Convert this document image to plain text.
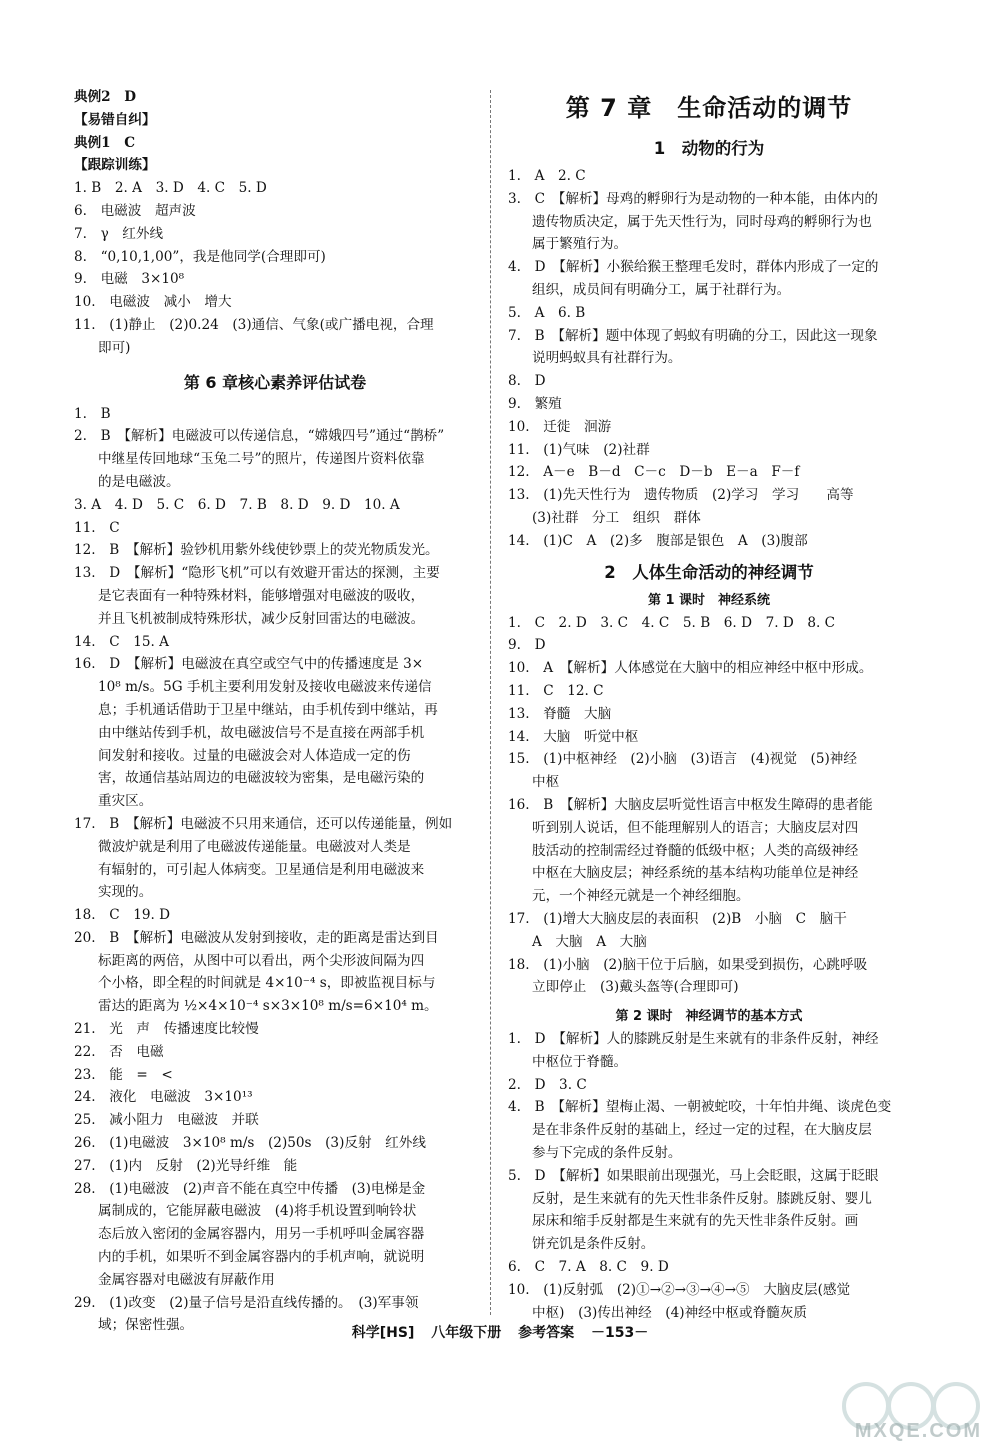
典例2　D
【易错自纠】
典例1　C
【跟踪训练】
1. B　2. A　3. D　4. C　5. D
6.　电磁波　超声波
7.　γ　红外线
8.　“0,10,1,00”，我是他同学(合理即可)
9.　电磁　3×10⁸
10.　电磁波　减小　增大
11.　(1)静止　(2)0.24　(3)通信、气象(或广播电视，合理
即可)
第 6 章核心素养评估试卷
1.　B
2.　B　【解析】电磁波可以传递信息，“嫦娥四号”通过“鹊桥”
中继星传回地球“玉兔二号”的照片，传递图片资料依靠
的是电磁波。
3. A　4. D　5. C　6. D　7. B　8. D　9. D　10. A
11.　C
12.　B　【解析】验钞机用紫外线使钞票上的荧光物质发光。
13.　D　【解析】“隐形飞机”可以有效避开雷达的探测，主要
是它表面有一种特殊材料，能够增强对电磁波的吸收，
并且飞机被制成特殊形状，减少反射回雷达的电磁波。
14.　C　15. A
16.　D　【解析】电磁波在真空或空气中的传播速度是 3×
10⁸ m/s。5G 手机主要利用发射及接收电磁波来传递信
息；手机通话借助于卫星中继站，由手机传到中继站，再
由中继站传到手机，故电磁波信号不是直接在两部手机
间发射和接收。过量的电磁波会对人体造成一定的伤
害，故通信基站周边的电磁波较为密集，是电磁污染的
重灾区。
17.　B　【解析】电磁波不只用来通信，还可以传递能量，例如
微波炉就是利用了电磁波传递能量。电磁波对人类是
有辐射的，可引起人体病变。卫星通信是利用电磁波来
实现的。
18.　C　19. D
20.　B　【解析】电磁波从发射到接收，走的距离是雷达到目
标距离的两倍，从图中可以看出，两个尖形波间隔为四
个小格，即全程的时间就是 4×10⁻⁴ s，即被监视目标与
雷达的距离为 ½×4×10⁻⁴ s×3×10⁸ m/s=6×10⁴ m。
21.　光　声　传播速度比较慢
22.　否　电磁
23.　能　=　<
24.　液化　电磁波　3×10¹³
25.　减小阻力　电磁波　并联
26.　(1)电磁波　3×10⁸ m/s　(2)50s　(3)反射　红外线
27.　(1)内　反射　(2)光导纤维　能
28.　(1)电磁波　(2)声音不能在真空中传播　(3)电梯是金
属制成的，它能屏蔽电磁波　(4)将手机设置到响铃状
态后放入密闭的金属容器内，用另一手机呼叫金属容器
内的手机，如果听不到金属容器内的手机声响，就说明
金属容器对电磁波有屏蔽作用
29.　(1)改变　(2)量子信号是沿直线传播的。　(3)军事领
域；保密性强。
第 7 章　生命活动的调节
1　动物的行为
1.　A　2. C
3.　C　【解析】母鸡的孵卵行为是动物的一种本能，由体内的
遗传物质决定，属于先天性行为，同时母鸡的孵卵行为也
属于繁殖行为。
4.　D　【解析】小猴给猴王整理毛发时，群体内形成了一定的
组织，成员间有明确分工，属于社群行为。
5.　A　6. B
7.　B　【解析】题中体现了蚂蚁有明确的分工，因此这一现象
说明蚂蚁具有社群行为。
8.　D
9.　繁殖
10.　迁徙　洄游
11.　(1)气味　(2)社群
12.　A－e　B－d　C－c　D－b　E－a　F－f
13.　(1)先天性行为　遗传物质　(2)学习　学习　　高等
(3)社群　分工　组织　群体
14.　(1)C　A　(2)多　腹部是银色　A　(3)腹部
2　人体生命活动的神经调节
第 1 课时　神经系统
1.　C　2. D　3. C　4. C　5. B　6. D　7. D　8. C
9.　D
10.　A　【解析】人体感觉在大脑中的相应神经中枢中形成。
11.　C　12. C
13.　脊髓　大脑
14.　大脑　听觉中枢
15.　(1)中枢神经　(2)小脑　(3)语言　(4)视觉　(5)神经
中枢
16.　B　【解析】大脑皮层听觉性语言中枢发生障碍的患者能
听到别人说话，但不能理解别人的语言；大脑皮层对四
肢活动的控制需经过脊髓的低级中枢；人类的高级神经
中枢在大脑皮层；神经系统的基本结构功能单位是神经
元，一个神经元就是一个神经细胞。
17.　(1)增大大脑皮层的表面积　(2)B　小脑　C　脑干
A　大脑　A　大脑
18.　(1)小脑　(2)脑干位于后脑，如果受到损伤，心跳呼吸
立即停止　(3)戴头盔等(合理即可)
第 2 课时　神经调节的基本方式
1.　D　【解析】人的膝跳反射是生来就有的非条件反射，神经
中枢位于脊髓。
2.　D　3. C
4.　B　【解析】望梅止渴、一朝被蛇咬，十年怕井绳、谈虎色变
是在非条件反射的基础上，经过一定的过程，在大脑皮层
参与下完成的条件反射。
5.　D　【解析】如果眼前出现强光，马上会眨眼，这属于眨眼
反射，是生来就有的先天性非条件反射。膝跳反射、婴儿
尿床和缩手反射都是生来就有的先天性非条件反射。画
饼充饥是条件反射。
6.　C　7. A　8. C　9. D
10.　(1)反射弧　(2)①→②→③→④→⑤　大脑皮层(感觉
中枢)　(3)传出神经　(4)神经中枢或脊髓灰质
科学[HS] 八年级下册 参考答案 －153－
MXQE.COM
